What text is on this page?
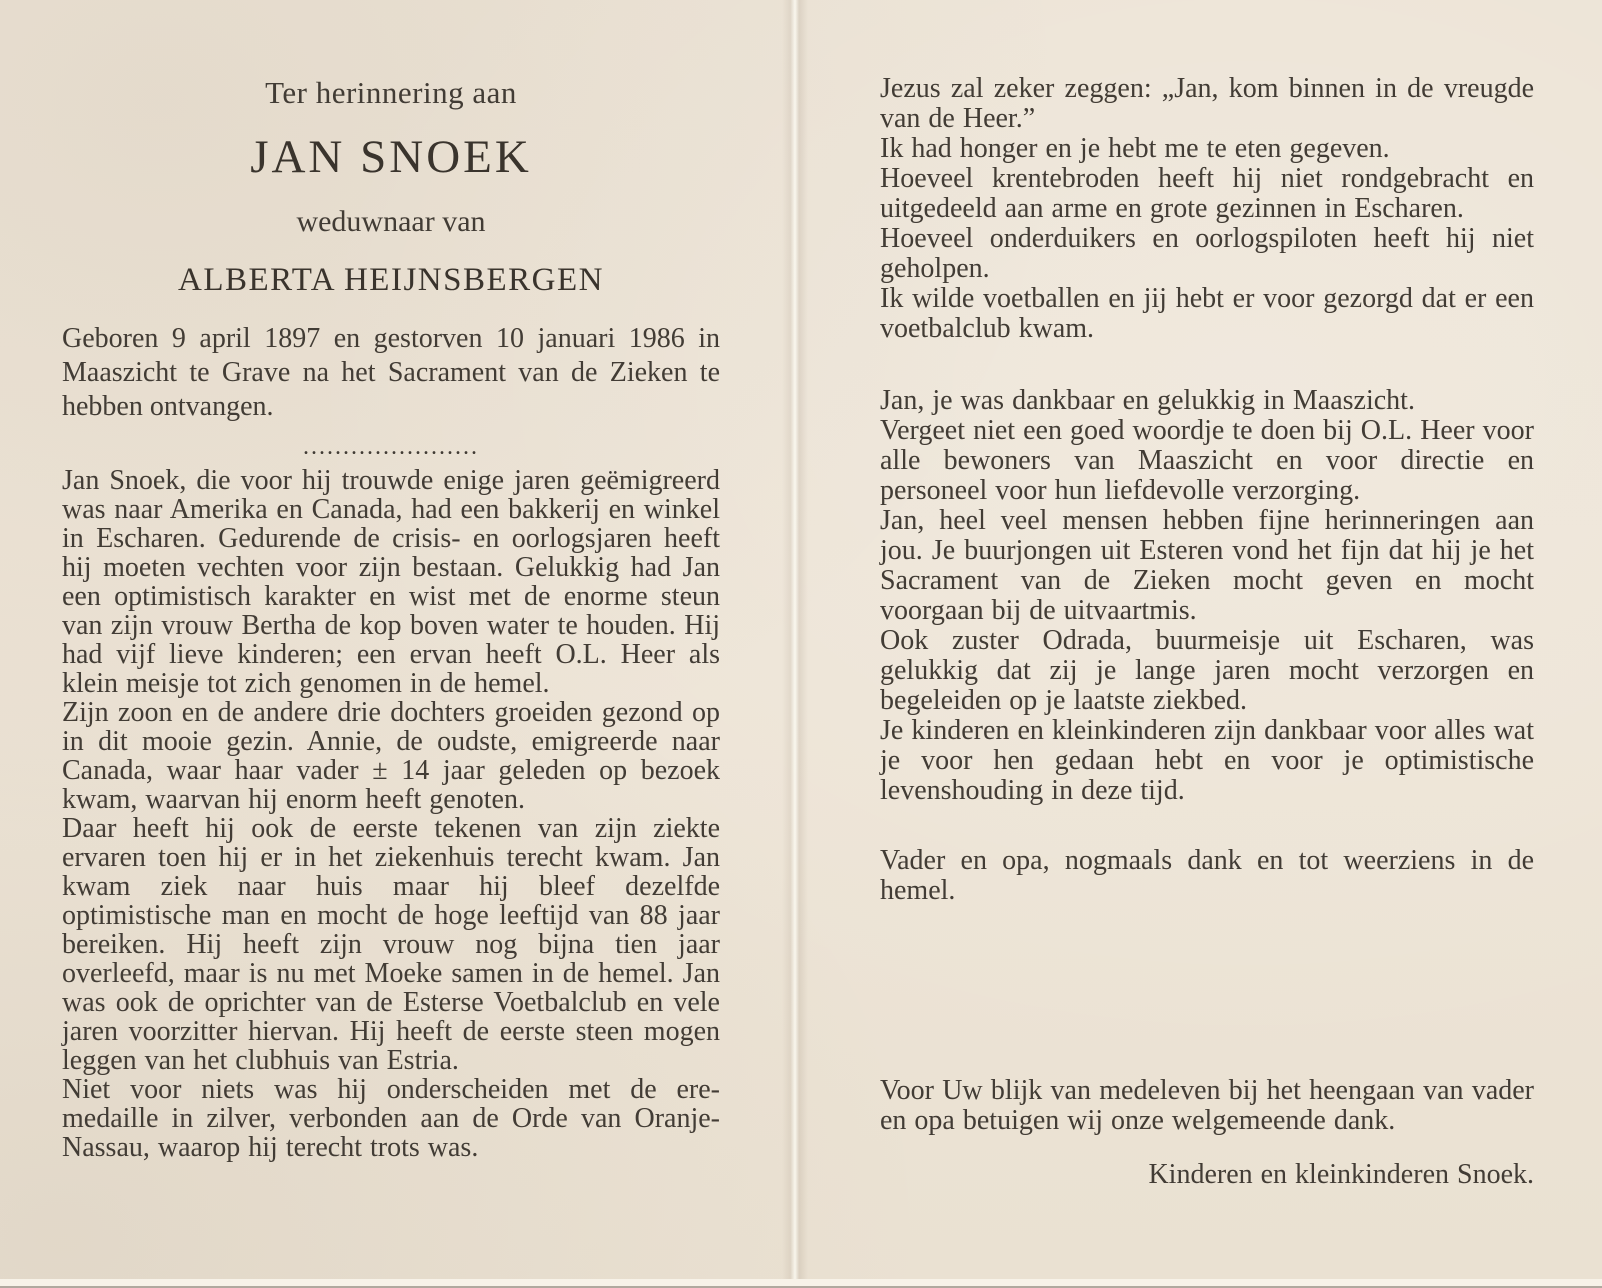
Ter herinnering aan
JAN SNOEK
weduwnaar van
ALBERTA HEIJNSBERGEN

Geboren 9 april 1897 en gestorven 10 januari 1986 in Maaszicht te Grave na het Sacrament van de Zieken te hebben ontvangen.

......................

Jan Snoek, die voor hij trouwde enige jaren geëmigreerd was naar Amerika en Canada, had een bakkerij en winkel in Escharen. Gedurende de crisis- en oorlogsjaren heeft hij moeten vechten voor zijn bestaan. Gelukkig had Jan een optimistisch karakter en wist met de enorme steun van zijn vrouw Bertha de kop boven water te houden. Hij had vijf lieve kinderen; een ervan heeft O.L. Heer als klein meisje tot zich genomen in de hemel.

Zijn zoon en de andere drie dochters groeiden gezond op in dit mooie gezin. Annie, de oudste, emigreerde naar Canada, waar haar vader ± 14 jaar geleden op bezoek kwam, waarvan hij enorm heeft genoten.

Daar heeft hij ook de eerste tekenen van zijn ziekte ervaren toen hij er in het ziekenhuis terecht kwam. Jan kwam ziek naar huis maar hij bleef dezelfde optimistische man en mocht de hoge leeftijd van 88 jaar bereiken. Hij heeft zijn vrouw nog bijna tien jaar overleefd, maar is nu met Moeke samen in de hemel. Jan was ook de oprichter van de Esterse Voetbalclub en vele jaren voorzitter hiervan. Hij heeft de eerste steen mogen leggen van het clubhuis van Estria.

Niet voor niets was hij onderscheiden met de ere-medaille in zilver, verbonden aan de Orde van Oranje-Nassau, waarop hij terecht trots was.

Jezus zal zeker zeggen: „Jan, kom binnen in de vreugde van de Heer.”

Ik had honger en je hebt me te eten gegeven.

Hoeveel krentebroden heeft hij niet rondgebracht en uitgedeeld aan arme en grote gezinnen in Escharen.

Hoeveel onderduikers en oorlogspiloten heeft hij niet geholpen.

Ik wilde voetballen en jij hebt er voor gezorgd dat er een voetbalclub kwam.

Jan, je was dankbaar en gelukkig in Maaszicht.

Vergeet niet een goed woordje te doen bij O.L. Heer voor alle bewoners van Maaszicht en voor directie en personeel voor hun liefdevolle verzorging.

Jan, heel veel mensen hebben fijne herinneringen aan jou. Je buurjongen uit Esteren vond het fijn dat hij je het Sacrament van de Zieken mocht geven en mocht voorgaan bij de uitvaartmis.

Ook zuster Odrada, buurmeisje uit Escharen, was gelukkig dat zij je lange jaren mocht verzorgen en begeleiden op je laatste ziekbed.

Je kinderen en kleinkinderen zijn dankbaar voor alles wat je voor hen gedaan hebt en voor je optimistische levenshouding in deze tijd.

Vader en opa, nogmaals dank en tot weerziens in de hemel.

Voor Uw blijk van medeleven bij het heengaan van vader en opa betuigen wij onze welgemeende dank.

Kinderen en kleinkinderen Snoek.
